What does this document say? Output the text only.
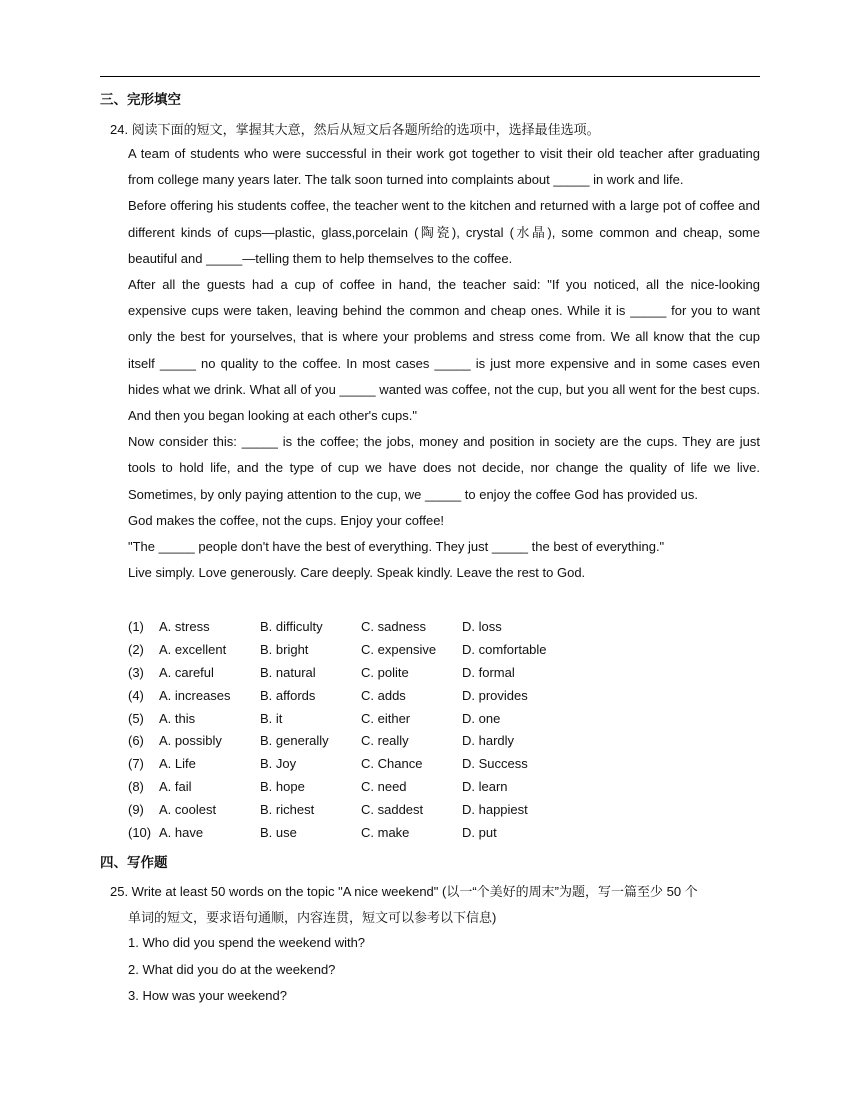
三、完形填空
24. 阅读下面的短文，掌握其大意，然后从短文后各题所给的选项中，选择最佳选项。
A team of students who were successful in their work got together to visit their old teacher after graduating from college many years later. The talk soon turned into complaints about _____ in work and life.
Before offering his students coffee, the teacher went to the kitchen and returned with a large pot of coffee and different kinds of cups—plastic, glass,porcelain (陶瓷), crystal (水晶), some common and cheap, some beautiful and _____—telling them to help themselves to the coffee.
After all the guests had a cup of coffee in hand, the teacher said: "If you noticed, all the nice-looking expensive cups were taken, leaving behind the common and cheap ones. While it is _____ for you to want only the best for yourselves, that is where your problems and stress come from. We all know that the cup itself _____ no quality to the coffee. In most cases _____ is just more expensive and in some cases even hides what we drink. What all of you _____ wanted was coffee, not the cup, but you all went for the best cups. And then you began looking at each other's cups."
Now consider this: _____ is the coffee; the jobs, money and position in society are the cups. They are just tools to hold life, and the type of cup we have does not decide, nor change the quality of life we live. Sometimes, by only paying attention to the cup, we _____ to enjoy the coffee God has provided us.
God makes the coffee, not the cups. Enjoy your coffee!
"The _____ people don't have the best of everything. They just _____ the best of everything."
Live simply. Love generously. Care deeply. Speak kindly. Leave the rest to God.
(1)	A. stress	B. difficulty	C. sadness	D. loss
(2)	A. excellent	B. bright	C. expensive	D. comfortable
(3)	A. careful	B. natural	C. polite	D. formal
(4)	A. increases	B. affords	C. adds	D. provides
(5)	A. this	B. it	C. either	D. one
(6)	A. possibly	B. generally	C. really	D. hardly
(7)	A. Life	B. Joy	C. Chance	D. Success
(8)	A. fail	B. hope	C. need	D. learn
(9)	A. coolest	B. richest	C. saddest	D. happiest
(10) A. have	B. use	C. make	D. put
四、写作题
25. Write at least 50 words on the topic "A nice weekend" (以一“个美好的周末”为题，写一篇至少 50 个
单词的短文，要求语句通顺，内容连贯，短文可以参考以下信息)
1. Who did you spend the weekend with?
2. What did you do at the weekend?
3. How was your weekend?
